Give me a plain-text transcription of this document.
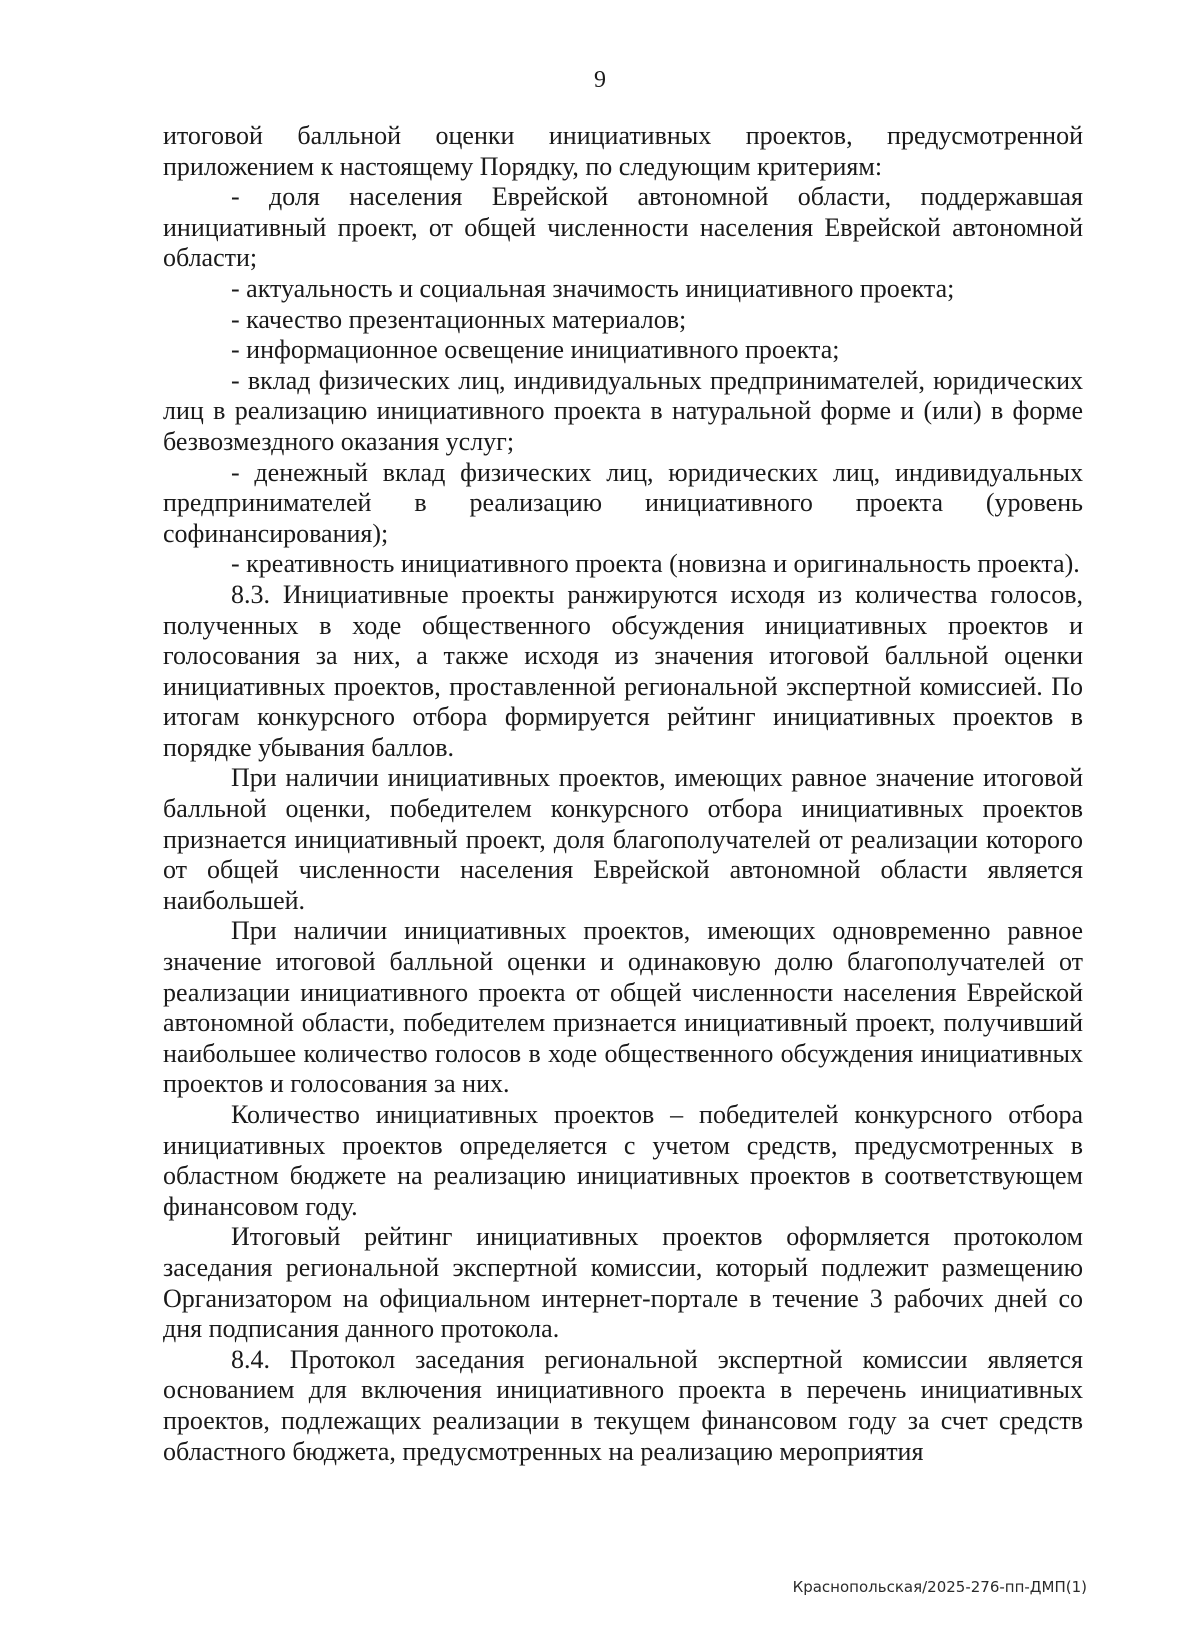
9

итоговой балльной оценки инициативных проектов, предусмотренной приложением к настоящему Порядку, по следующим критериям:

- доля населения Еврейской автономной области, поддержавшая инициативный проект, от общей численности населения Еврейской автономной области;

- актуальность и социальная значимость инициативного проекта;

- качество презентационных материалов;

- информационное освещение инициативного проекта;

- вклад физических лиц, индивидуальных предпринимателей, юридических лиц в реализацию инициативного проекта в натуральной форме и (или) в форме безвозмездного оказания услуг;

- денежный вклад физических лиц, юридических лиц, индивидуальных предпринимателей в реализацию инициативного проекта (уровень софинансирования);

- креативность инициативного проекта (новизна и оригинальность проекта).

8.3. Инициативные проекты ранжируются исходя из количества голосов, полученных в ходе общественного обсуждения инициативных проектов и голосования за них, а также исходя из значения итоговой балльной оценки инициативных проектов, проставленной региональной экспертной комиссией. По итогам конкурсного отбора формируется рейтинг инициативных проектов в порядке убывания баллов.

При наличии инициативных проектов, имеющих равное значение итоговой балльной оценки, победителем конкурсного отбора инициативных проектов признается инициативный проект, доля благополучателей от реализации которого от общей численности населения Еврейской автономной области является наибольшей.

При наличии инициативных проектов, имеющих одновременно равное значение итоговой балльной оценки и одинаковую долю благополучателей от реализации инициативного проекта от общей численности населения Еврейской автономной области, победителем признается инициативный проект, получивший наибольшее количество голосов в ходе общественного обсуждения инициативных проектов и голосования за них.

Количество инициативных проектов – победителей конкурсного отбора инициативных проектов определяется с учетом средств, предусмотренных в областном бюджете на реализацию инициативных проектов в соответствующем финансовом году.

Итоговый рейтинг инициативных проектов оформляется протоколом заседания региональной экспертной комиссии, который подлежит размещению Организатором на официальном интернет-портале в течение 3 рабочих дней со дня подписания данного протокола.

8.4. Протокол заседания региональной экспертной комиссии является основанием для включения инициативного проекта в перечень инициативных проектов, подлежащих реализации в текущем финансовом году за счет средств областного бюджета, предусмотренных на реализацию мероприятия

Краснопольская/2025-276-пп-ДМП(1)
